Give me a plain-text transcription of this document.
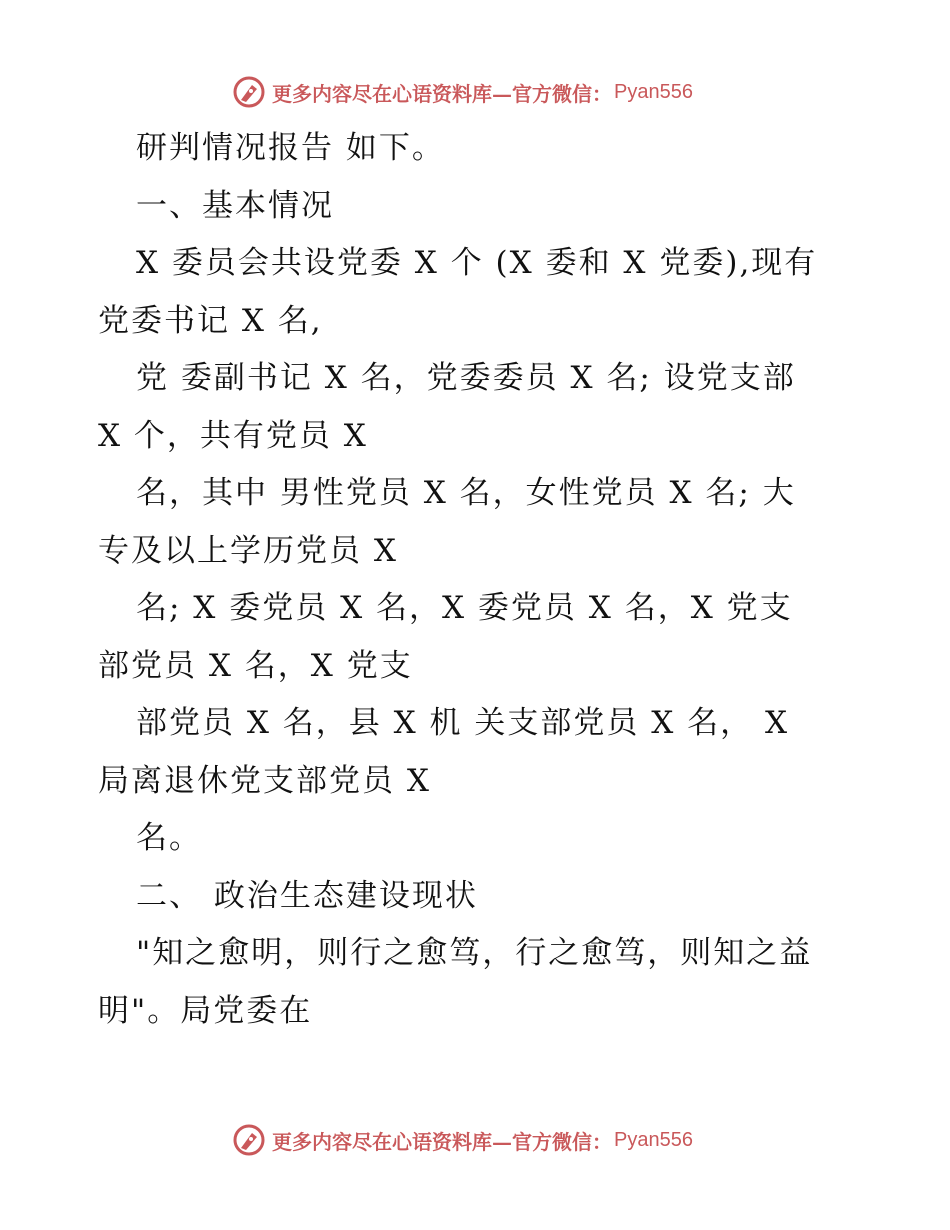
更多内容尽在心语资料库—官方微信： Pyan556
研判情况报告 如下。
一、基本情况
X 委员会共设党委 X 个 (X 委和 X 党委),现有
党委书记 X 名,
党 委副书记 X 名，党委委员 X 名; 设党支部
X 个，共有党员 X
名，其中 男性党员 X 名，女性党员 X 名; 大
专及以上学历党员 X
名; X 委党员 X 名，X 委党员 X 名，X 党支
部党员 X 名，X 党支
部党员 X 名，县 X 机 关支部党员 X 名， X
局离退休党支部党员 X
名。
二、 政治生态建设现状
"知之愈明，则行之愈笃，行之愈笃，则知之益
明"。局党委在
更多内容尽在心语资料库—官方微信： Pyan556
